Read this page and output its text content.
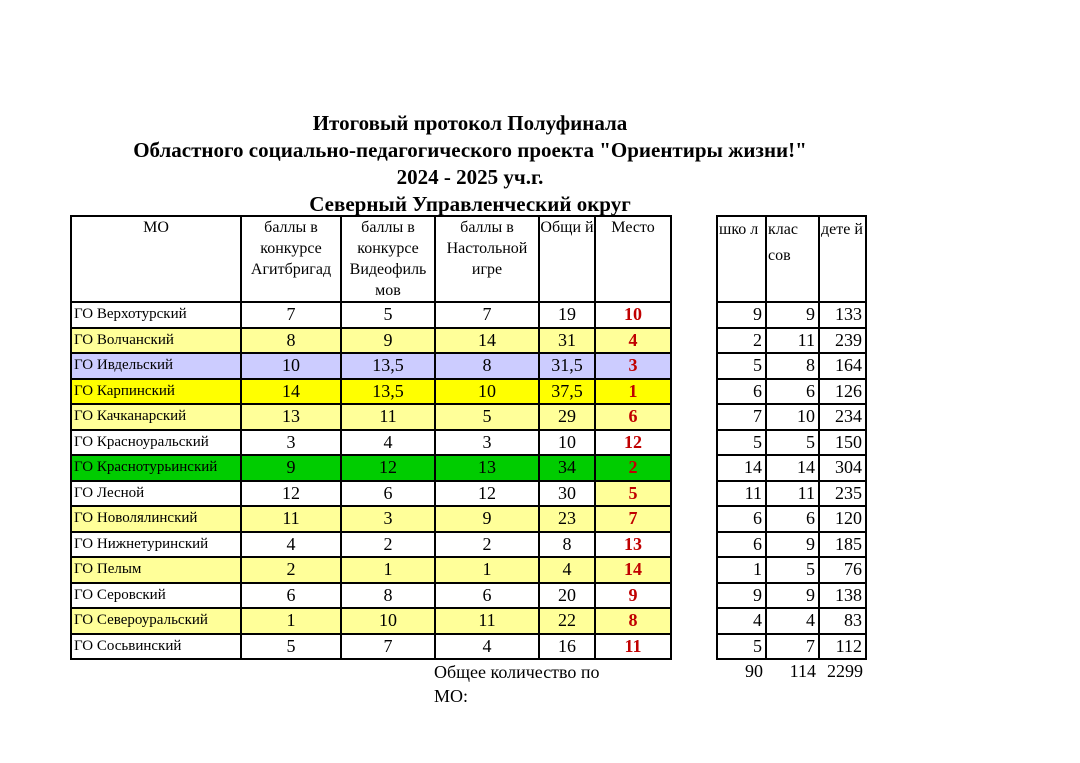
Итоговый протокол Полуфинала
Областного социально-педагогического проекта "Ориентиры жизни!"
2024 - 2025 уч.г.
Северный Управленческий округ
МО	баллы в конкурсе Агитбригад	баллы в конкурсе Видеофиль мов	баллы в Настольной игре	Общи й	Место
ГО Верхотурский	7	5	7	19	10
ГО Волчанский	8	9	14	31	4
ГО Ивдельский	10	13,5	8	31,5	3
ГО Карпинский	14	13,5	10	37,5	1
ГО Качканарский	13	11	5	29	6
ГО Красноуральский	3	4	3	10	12
ГО Краснотурьинский	9	12	13	34	2
ГО Лесной	12	6	12	30	5
ГО Новолялинский	11	3	9	23	7
ГО Нижнетуринский	4	2	2	8	13
ГО Пелым	2	1	1	4	14
ГО Серовский	6	8	6	20	9
ГО Североуральский	1	10	11	22	8
ГО Сосьвинский	5	7	4	16	11
шко л	клас сов	дете й
9	9	133
2	11	239
5	8	164
6	6	126
7	10	234
5	5	150
14	14	304
11	11	235
6	6	120
6	9	185
1	5	76
9	9	138
4	4	83
5	7	112
90	114	2299
Общее количество по МО:
